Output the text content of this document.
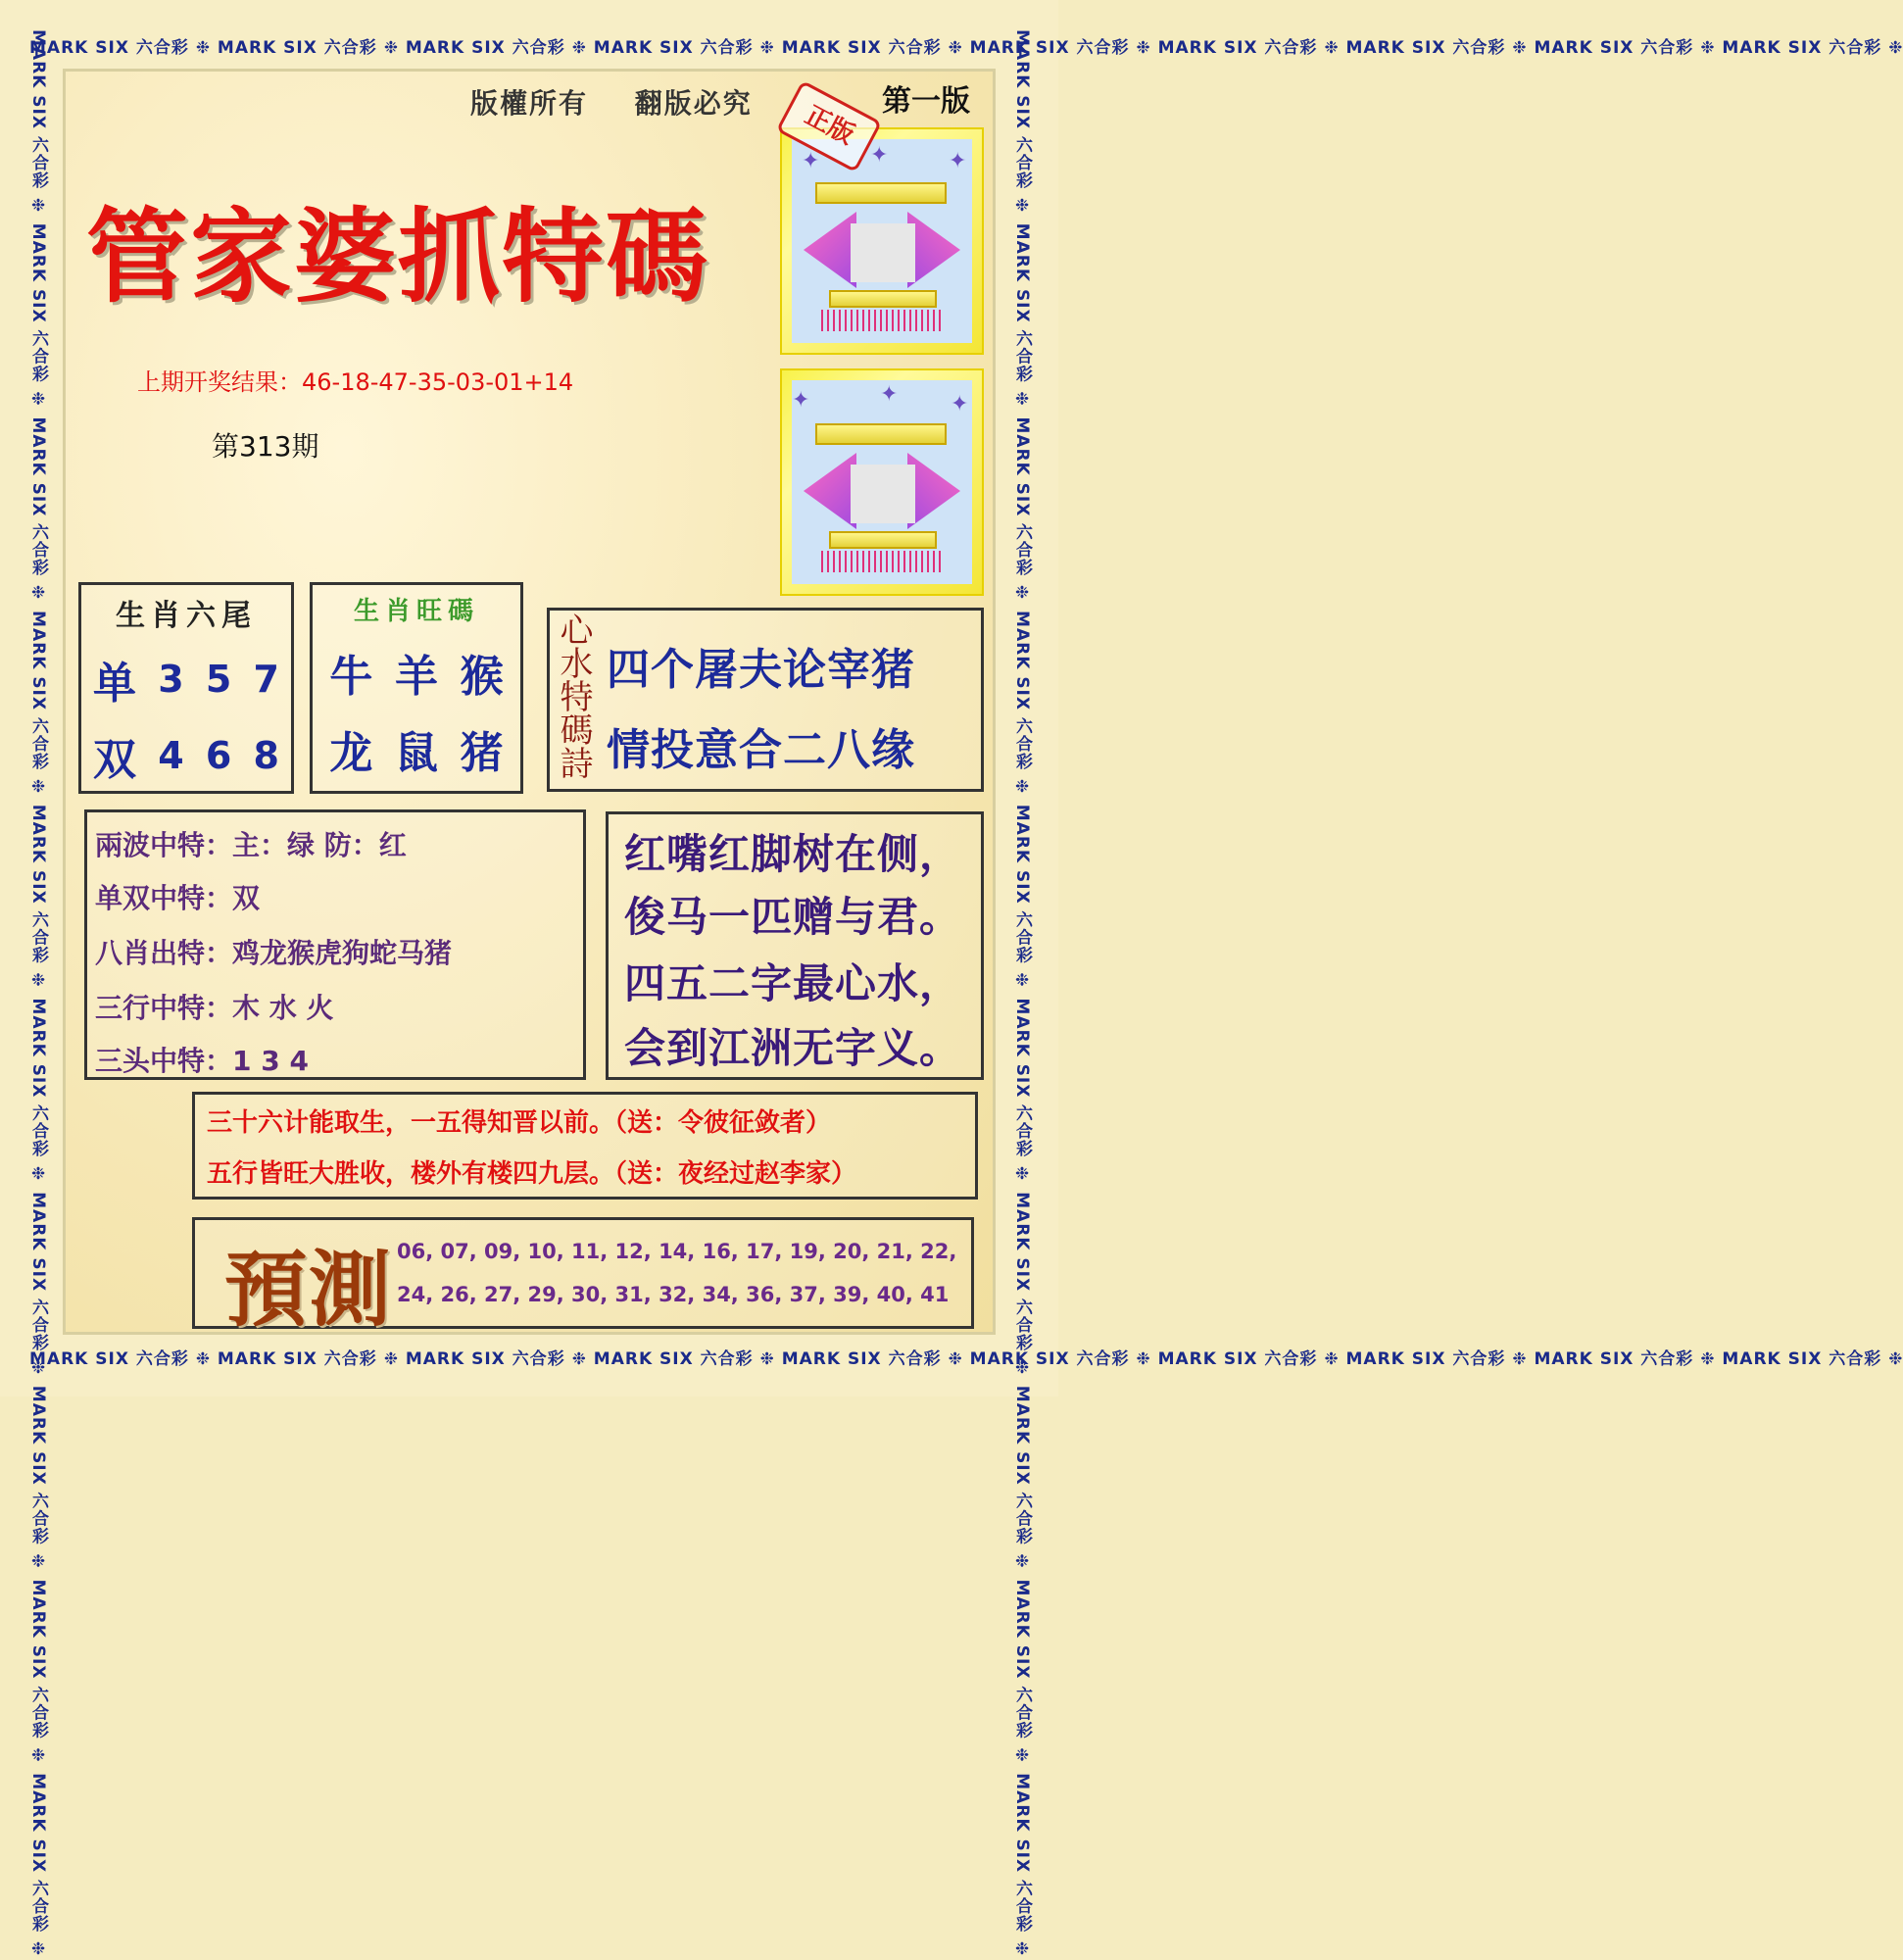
MARK SIX 六合彩 ❉ MARK SIX 六合彩 ❉ MARK SIX 六合彩 ❉ MARK SIX 六合彩 ❉ MARK SIX 六合彩 ❉ MARK SIX 六合彩 ❉ MARK SIX 六合彩 ❉ MARK SIX 六合彩 ❉ MARK SIX 六合彩 ❉ MARK SIX 六合彩 ❉
MARK SIX 六合彩 ❉ MARK SIX 六合彩 ❉ MARK SIX 六合彩 ❉ MARK SIX 六合彩 ❉ MARK SIX 六合彩 ❉ MARK SIX 六合彩 ❉ MARK SIX 六合彩 ❉ MARK SIX 六合彩 ❉ MARK SIX 六合彩 ❉ MARK SIX 六合彩 ❉
MARK SIX 六合彩 ❉ MARK SIX 六合彩 ❉ MARK SIX 六合彩 ❉ MARK SIX 六合彩 ❉ MARK SIX 六合彩 ❉ MARK SIX 六合彩 ❉ MARK SIX 六合彩 ❉ MARK SIX 六合彩 ❉ MARK SIX 六合彩 ❉ MARK SIX 六合彩 ❉	MARK SIX 六合彩 ❉ MARK SIX 六合彩 ❉ MARK SIX 六合彩 ❉ MARK SIX 六合彩 ❉ MARK SIX 六合彩 ❉ MARK SIX 六合彩 ❉ MARK SIX 六合彩 ❉ MARK SIX 六合彩 ❉ MARK SIX 六合彩 ❉ MARK SIX 六合彩 ❉
版權所有 翻版必究	第一版
✦ ✦	✦
正版
✦	✦ ✦
管家婆抓特碼
上期开奖结果：46-18-47-35-03-01+14
第313期
生肖六尾
单 3 5 7
双 4 6 8
生肖旺碼
牛 羊 猴
龙 鼠 猪 心水特碼詩 四个屠夫论宰猪
情投意合二八缘
兩波中特：主：绿 防：红
单双中特：双
八肖出特：鸡龙猴虎狗蛇马猪
三行中特：木 水 火
三头中特：1 3 4
红嘴红脚树在侧，
俊马一匹赠与君。
四五二字最心水，
会到江洲无字义。
三十六计能取生，一五得知晋以前。（送：令彼征敛者）
五行皆旺大胜收，楼外有楼四九层。（送：夜经过赵李家）
預測 06, 07, 09, 10, 11, 12, 14, 16, 17, 19, 20, 21, 22, 24, 26, 27, 29, 30, 31, 32, 34, 36, 37, 39, 40, 41
